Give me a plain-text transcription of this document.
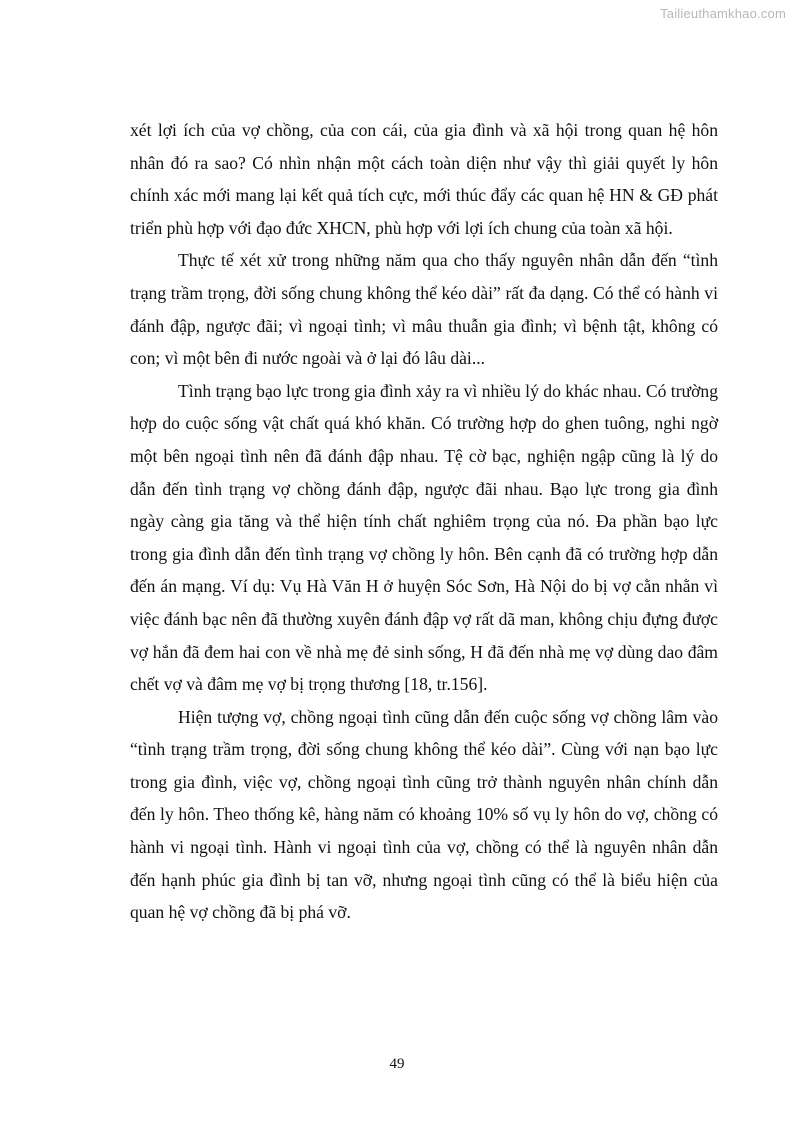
Tailieuthamkhao.com

xét lợi ích của vợ chồng, của con cái, của gia đình và xã hội trong quan hệ hôn nhân đó ra sao? Có nhìn nhận một cách toàn diện như vậy thì giải quyết ly hôn chính xác mới mang lại kết quả tích cực, mới thúc đẩy các quan hệ HN & GĐ phát triển phù hợp với đạo đức XHCN, phù hợp với lợi ích chung của toàn xã hội.

Thực tế xét xử trong những năm qua cho thấy nguyên nhân dẫn đến “tình trạng trầm trọng, đời sống chung không thể kéo dài” rất đa dạng. Có thể có hành vi đánh đập, ngược đãi; vì ngoại tình; vì mâu thuẫn gia đình; vì bệnh tật, không có con; vì một bên đi nước ngoài và ở lại đó lâu dài...

Tình trạng bạo lực trong gia đình xảy ra vì nhiều lý do khác nhau. Có trường hợp do cuộc sống vật chất quá khó khăn. Có trường hợp do ghen tuông, nghi ngờ một bên ngoại tình nên đã đánh đập nhau. Tệ cờ bạc, nghiện ngập cũng là lý do dẫn đến tình trạng vợ chồng đánh đập, ngược đãi nhau. Bạo lực trong gia đình ngày càng gia tăng và thể hiện tính chất nghiêm trọng của nó. Đa phần bạo lực trong gia đình dẫn đến tình trạng vợ chồng ly hôn. Bên cạnh đã có trường hợp dẫn đến án mạng. Ví dụ: Vụ Hà Văn H ở huyện Sóc Sơn, Hà Nội do bị vợ cằn nhằn vì việc đánh bạc nên đã thường xuyên đánh đập vợ rất dã man, không chịu đựng được vợ hắn đã đem hai con về nhà mẹ đẻ sinh sống, H đã đến nhà mẹ vợ dùng dao đâm chết vợ và đâm mẹ vợ bị trọng thương [18, tr.156].

Hiện tượng vợ, chồng ngoại tình cũng dẫn đến cuộc sống vợ chồng lâm vào “tình trạng trầm trọng, đời sống chung không thể kéo dài”. Cùng với nạn bạo lực trong gia đình, việc vợ, chồng ngoại tình cũng trở thành nguyên nhân chính dẫn đến ly hôn. Theo thống kê, hàng năm có khoảng 10% số vụ ly hôn do vợ, chồng có hành vi ngoại tình. Hành vi ngoại tình của vợ, chồng có thể là nguyên nhân dẫn đến hạnh phúc gia đình bị tan vỡ, nhưng ngoại tình cũng có thể là biểu hiện của quan hệ vợ chồng đã bị phá vỡ.

49
